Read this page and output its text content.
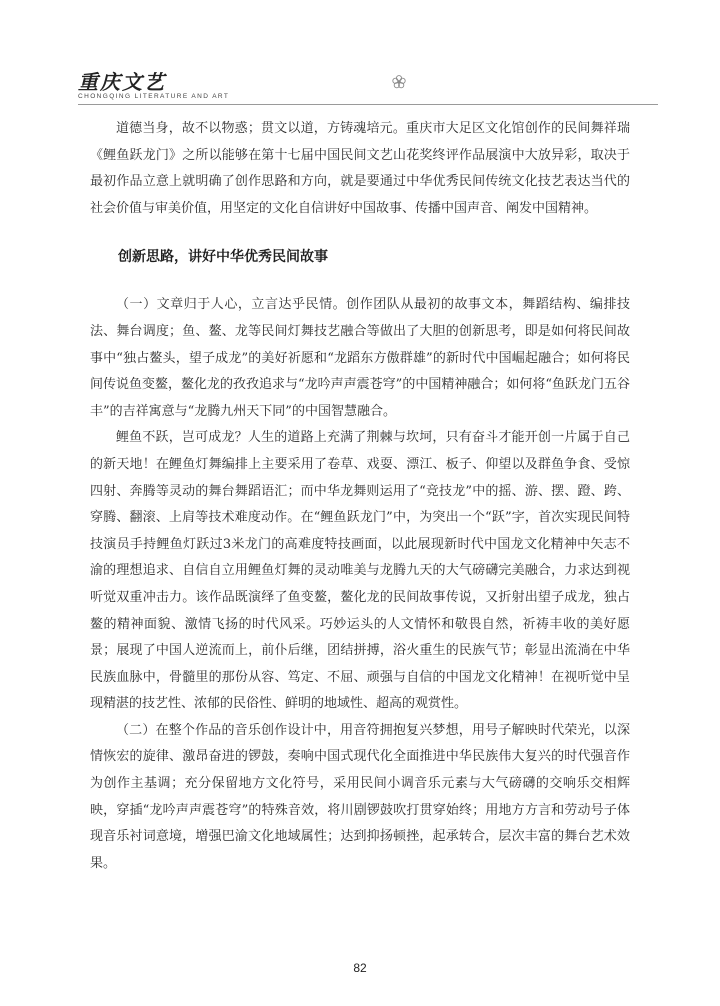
重庆文艺
CHONGQING LITERATURE AND ART

道德当身，故不以物惑；贯文以道，方铸魂培元。重庆市大足区文化馆创作的民间舞祥瑞《鲤鱼跃龙门》之所以能够在第十七届中国民间文艺山花奖终评作品展演中大放异彩，取决于最初作品立意上就明确了创作思路和方向，就是要通过中华优秀民间传统文化技艺表达当代的社会价值与审美价值，用坚定的文化自信讲好中国故事、传播中国声音、阐发中国精神。

创新思路，讲好中华优秀民间故事

（一）文章归于人心，立言达乎民情。创作团队从最初的故事文本，舞蹈结构、编排技法、舞台调度；鱼、鳌、龙等民间灯舞技艺融合等做出了大胆的创新思考，即是如何将民间故事中“独占鳌头，望子成龙”的美好祈愿和“龙蹈东方傲群雄”的新时代中国崛起融合；如何将民间传说鱼变鳌，鳌化龙的孜孜追求与“龙吟声声震苍穹”的中国精神融合；如何将“鱼跃龙门五谷丰”的吉祥寓意与“龙腾九州天下同”的中国智慧融合。

鲤鱼不跃，岂可成龙？人生的道路上充满了荆棘与坎坷，只有奋斗才能开创一片属于自己的新天地！在鲤鱼灯舞编排上主要采用了卷草、戏耍、漂江、板子、仰望以及群鱼争食、受惊四射、奔腾等灵动的舞台舞蹈语汇；而中华龙舞则运用了“竞技龙”中的摇、游、摆、蹬、跨、穿腾、翻滚、上肩等技术难度动作。在“鲤鱼跃龙门”中，为突出一个“跃”字，首次实现民间特技演员手持鲤鱼灯跃过3米龙门的高难度特技画面，以此展现新时代中国龙文化精神中矢志不渝的理想追求、自信自立用鲤鱼灯舞的灵动唯美与龙腾九天的大气磅礴完美融合，力求达到视听觉双重冲击力。该作品既演绎了鱼变鳌，鳌化龙的民间故事传说，又折射出望子成龙，独占鳌的精神面貌、激情飞扬的时代风采。巧妙运头的人文情怀和敬畏自然，祈祷丰收的美好愿景；展现了中国人逆流而上，前仆后继，团结拼搏，浴火重生的民族气节；彰显出流淌在中华民族血脉中，骨髓里的那份从容、笃定、不屈、顽强与自信的中国龙文化精神！在视听觉中呈现精湛的技艺性、浓郁的民俗性、鲜明的地域性、超高的观赏性。

（二）在整个作品的音乐创作设计中，用音符拥抱复兴梦想，用号子解映时代荣光，以深情恢宏的旋律、激昂奋进的锣鼓，奏响中国式现代化全面推进中华民族伟大复兴的时代强音作为创作主基调；充分保留地方文化符号，采用民间小调音乐元素与大气磅礴的交响乐交相辉映，穿插“龙吟声声震苍穹”的特殊音效，将川剧锣鼓吹打贯穿始终；用地方方言和劳动号子体现音乐衬词意境，增强巴渝文化地域属性；达到抑扬顿挫，起承转合，层次丰富的舞台艺术效果。

82
